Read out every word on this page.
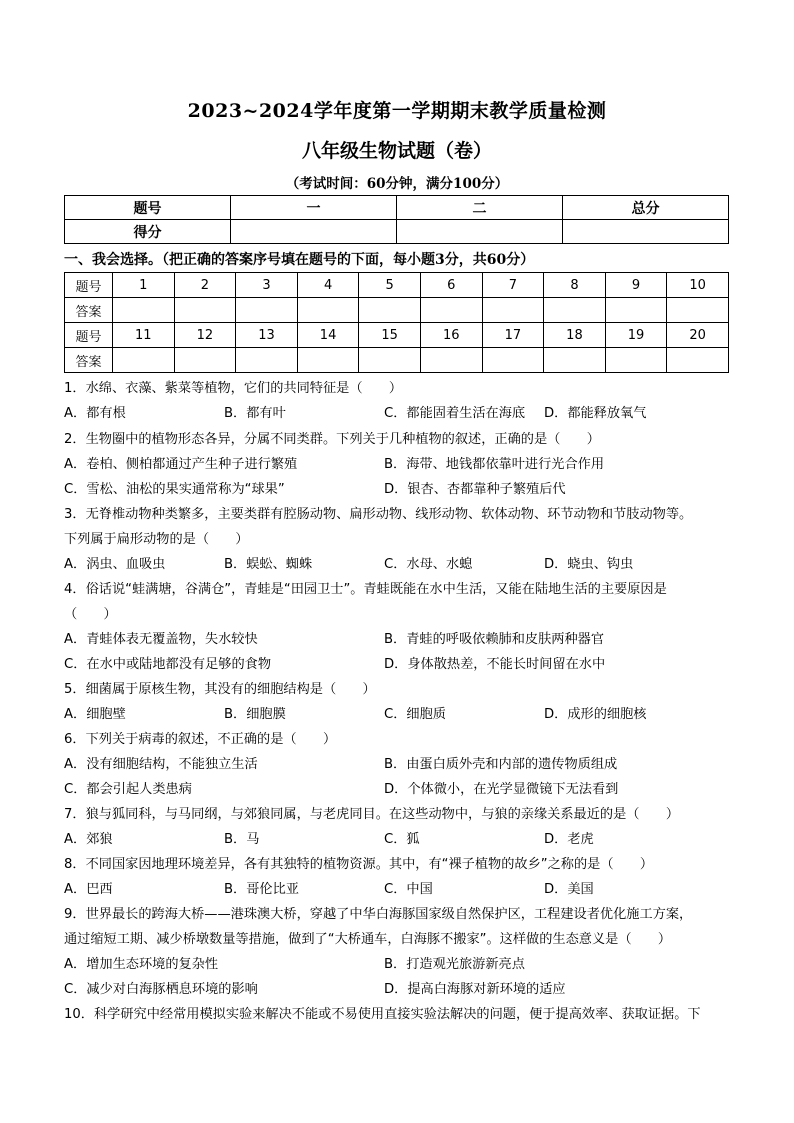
2023~2024学年度第一学期期末教学质量检测
八年级生物试题（卷）
（考试时间：60分钟，满分100分）
题号	一	二	总分
得分			
一、我会选择。（把正确的答案序号填在题号的下面，每小题3分，共60分）
题号	1	2	3	4	5	6	7	8	9	10
答案										
题号	11	12	13	14	15	16	17	18	19	20
答案										
1．水绵、衣藻、紫菜等植物，它们的共同特征是（　　）
A．都有根	B．都有叶	C．都能固着生活在海底 D．都能释放氧气
2．生物圈中的植物形态各异，分属不同类群。下列关于几种植物的叙述，正确的是（　　）
A．卷柏、侧柏都通过产生种子进行繁殖	B．海带、地钱都依靠叶进行光合作用
C．雪松、油松的果实通常称为“球果”	D．银杏、杏都靠种子繁殖后代
3．无脊椎动物种类繁多，主要类群有腔肠动物、扁形动物、线形动物、软体动物、环节动物和节肢动物等。
下列属于扁形动物的是（　　）
A．涡虫、血吸虫	B．蜈蚣、蜘蛛	C．水母、水螅	D．蛲虫、钩虫
4．俗话说“蛙满塘，谷满仓”，青蛙是“田园卫士”。青蛙既能在水中生活，又能在陆地生活的主要原因是
（　　）
A．青蛙体表无覆盖物，失水较快	B．青蛙的呼吸依赖肺和皮肤两种器官
C．在水中或陆地都没有足够的食物	D．身体散热差，不能长时间留在水中
5．细菌属于原核生物，其没有的细胞结构是（　　）
A．细胞壁	B．细胞膜	C．细胞质	D．成形的细胞核
6．下列关于病毒的叙述，不正确的是（　　）
A．没有细胞结构，不能独立生活	B．由蛋白质外壳和内部的遗传物质组成
C．都会引起人类患病	D．个体微小，在光学显微镜下无法看到
7．狼与狐同科，与马同纲，与郊狼同属，与老虎同目。在这些动物中，与狼的亲缘关系最近的是（　　）
A．郊狼	B．马	C．狐	D．老虎
8．不同国家因地理环境差异，各有其独特的植物资源。其中，有“裸子植物的故乡”之称的是（　　）
A．巴西	B．哥伦比亚	C．中国	D．美国
9．世界最长的跨海大桥——港珠澳大桥，穿越了中华白海豚国家级自然保护区，工程建设者优化施工方案，
通过缩短工期、减少桥墩数量等措施，做到了“大桥通车，白海豚不搬家”。这样做的生态意义是（　　）
A．增加生态环境的复杂性	B．打造观光旅游新亮点
C．减少对白海豚栖息环境的影响	D．提高白海豚对新环境的适应
10．科学研究中经常用模拟实验来解决不能或不易使用直接实验法解决的问题，便于提高效率、获取证据。下
